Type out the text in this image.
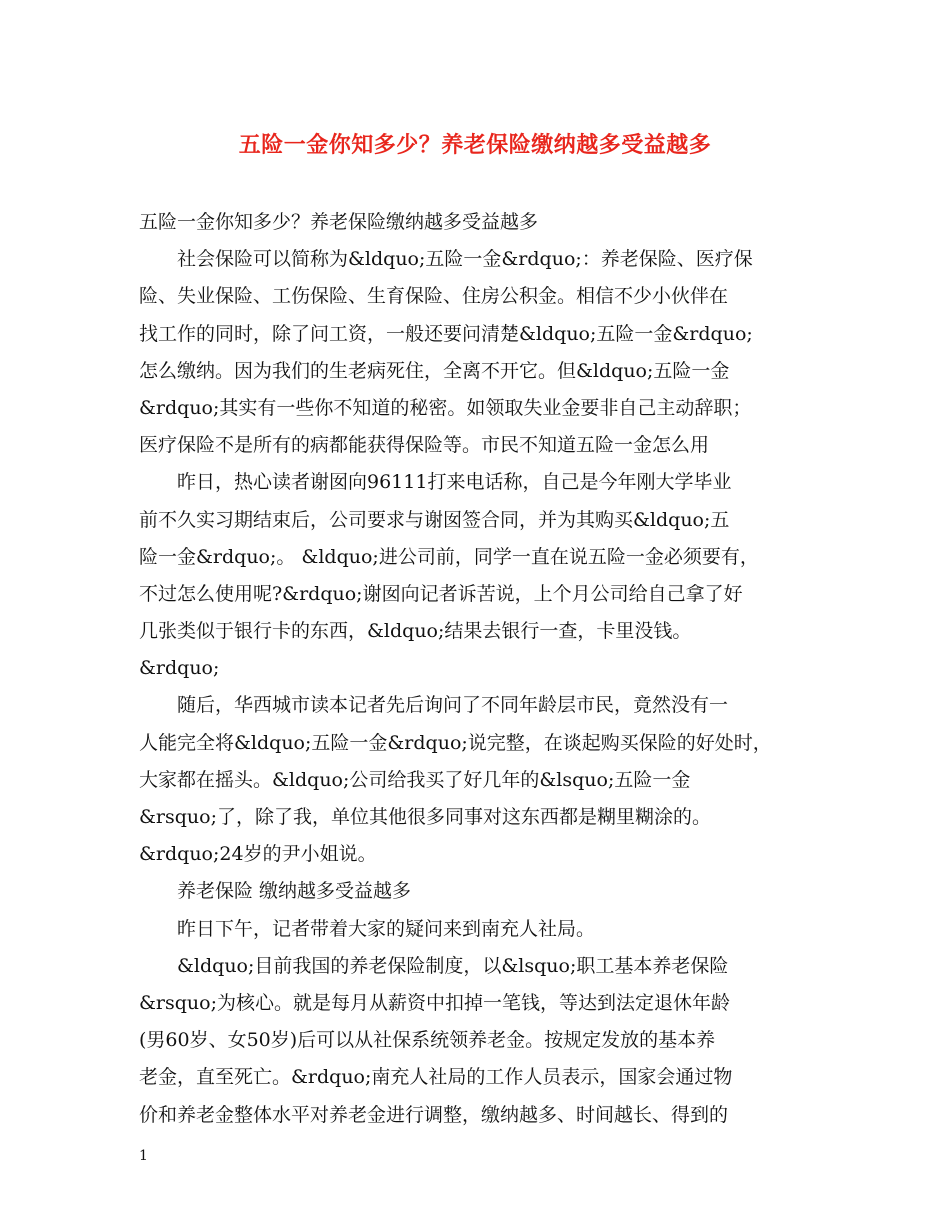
五险一金你知多少？养老保险缴纳越多受益越多
五险一金你知多少？养老保险缴纳越多受益越多
社会保险可以简称为&ldquo;五险一金&rdquo;：养老保险、医疗保
险、失业保险、工伤保险、生育保险、住房公积金。相信不少小伙伴在
找工作的同时，除了问工资，一般还要问清楚&ldquo;五险一金&rdquo;
怎么缴纳。因为我们的生老病死住，全离不开它。但&ldquo;五险一金
&rdquo;其实有一些你不知道的秘密。如领取失业金要非自己主动辞职；
医疗保险不是所有的病都能获得保险等。市民不知道五险一金怎么用
昨日，热心读者谢囡向96111打来电话称，自己是今年刚大学毕业
前不久实习期结束后，公司要求与谢囡签合同，并为其购买&ldquo;五
险一金&rdquo;。 &ldquo;进公司前，同学一直在说五险一金必须要有，
不过怎么使用呢?&rdquo;谢囡向记者诉苦说，上个月公司给自己拿了好
几张类似于银行卡的东西，&ldquo;结果去银行一查，卡里没钱。
&rdquo;
随后，华西城市读本记者先后询问了不同年龄层市民，竟然没有一
人能完全将&ldquo;五险一金&rdquo;说完整，在谈起购买保险的好处时，
大家都在摇头。&ldquo;公司给我买了好几年的&lsquo;五险一金
&rsquo;了，除了我，单位其他很多同事对这东西都是糊里糊涂的。
&rdquo;24岁的尹小姐说。
养老保险 缴纳越多受益越多
昨日下午，记者带着大家的疑问来到南充人社局。
&ldquo;目前我国的养老保险制度，以&lsquo;职工基本养老保险
&rsquo;为核心。就是每月从薪资中扣掉一笔钱，等达到法定退休年龄
(男60岁、女50岁)后可以从社保系统领养老金。按规定发放的基本养
老金，直至死亡。&rdquo;南充人社局的工作人员表示，国家会通过物
价和养老金整体水平对养老金进行调整，缴纳越多、时间越长、得到的
1
